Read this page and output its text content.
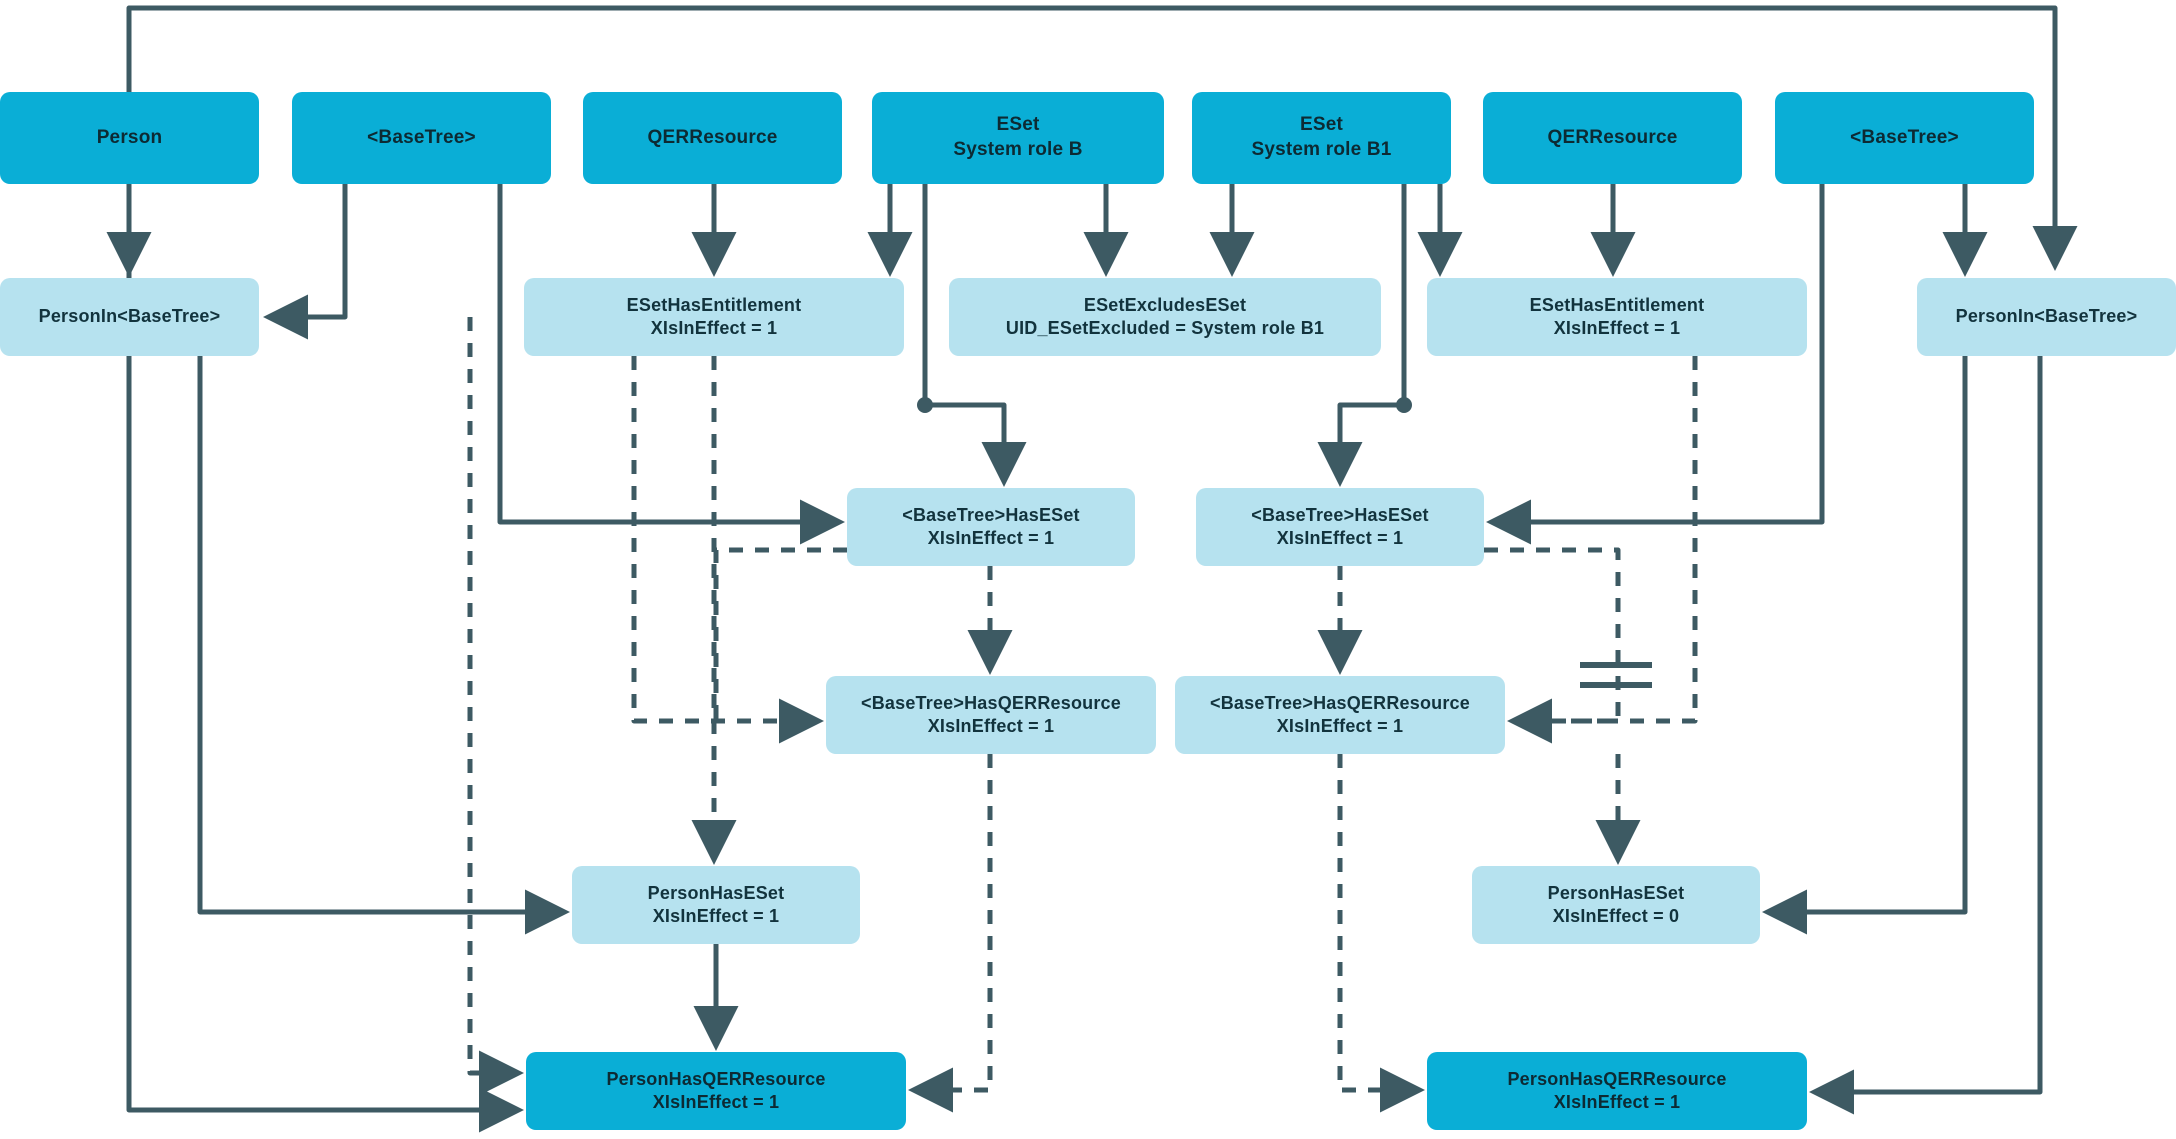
Person	<BaseTree>	QERResource
ESet
System role B
ESet
System role B1
QERResource	<BaseTree>
PersonIn<BaseTree>
ESetHasEntitlement
XIsInEffect = 1
ESetExcludesESet
UID_ESetExcluded = System role B1
ESetHasEntitlement
XIsInEffect = 1
PersonIn<BaseTree>
<BaseTree>HasESet
XIsInEffect = 1
<BaseTree>HasESet
XIsInEffect = 1
<BaseTree>HasQERResource
XIsInEffect = 1
<BaseTree>HasQERResource
XIsInEffect = 1
PersonHasESet
XIsInEffect = 1
PersonHasESet
XIsInEffect = 0
PersonHasQERResource
XIsInEffect = 1
PersonHasQERResource
XIsInEffect = 1
